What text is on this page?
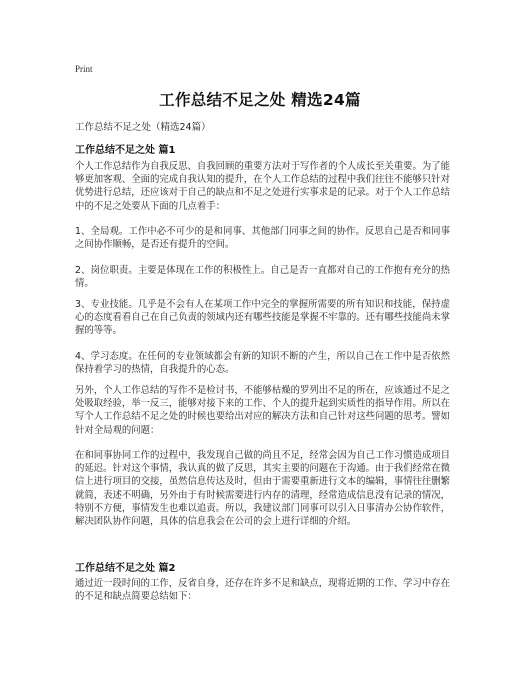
Print
工作总结不足之处 精选24篇
工作总结不足之处（精选24篇）
工作总结不足之处 篇1
个人工作总结作为自我反思、自我回顾的重要方法对于写作者的个人成长至关重要。为了能够更加客观、全面的完成自我认知的提升，在个人工作总结的过程中我们往往不能够只针对优势进行总结，还应该对于自己的缺点和不足之处进行实事求是的记录。对于个人工作总结中的不足之处要从下面的几点着手：
1、全局观。工作中必不可少的是和同事、其他部门同事之间的协作。反思自己是否和同事之间协作顺畅，是否还有提升的空间。
2、岗位职责。主要是体现在工作的积极性上。自己是否一直都对自己的工作抱有充分的热情。
3、专业技能。几乎是不会有人在某项工作中完全的掌握所需要的所有知识和技能，保持虚心的态度看看自己在自己负责的领域内还有哪些技能是掌握不牢靠的。还有哪些技能尚未掌握的等等。
4、学习态度。在任何的专业领域都会有新的知识不断的产生，所以自己在工作中是否依然保持着学习的热情，自我提升的心态。
另外，个人工作总结的写作不是检讨书，不能够枯燥的罗列出不足的所在，应该通过不足之处吸取经验，举一反三，能够对接下来的工作、个人的提升起到实质性的指导作用。所以在写个人工作总结不足之处的时候也要给出对应的解决方法和自己针对这些问题的思考。譬如针对全局观的问题：
在和同事协同工作的过程中，我发现自己做的尚且不足，经常会因为自己工作习惯造成项目的延迟。针对这个事情，我认真的做了反思，其实主要的问题在于沟通。由于我们经常在微信上进行项目的交接，虽然信息传达及时，但由于需要重新进行文本的编辑，事情往往删繁就简，表述不明确，另外由于有时候需要进行内存的清理，经常造成信息没有记录的情况，特别不方便，事情发生也难以追责。所以，我建议部门同事可以引入日事清办公协作软件，解决团队协作问题，具体的信息我会在公司的会上进行详细的介绍。
工作总结不足之处 篇2
通过近一段时间的工作，反省自身，还存在许多不足和缺点，现将近期的工作、学习中存在的不足和缺点简要总结如下：
